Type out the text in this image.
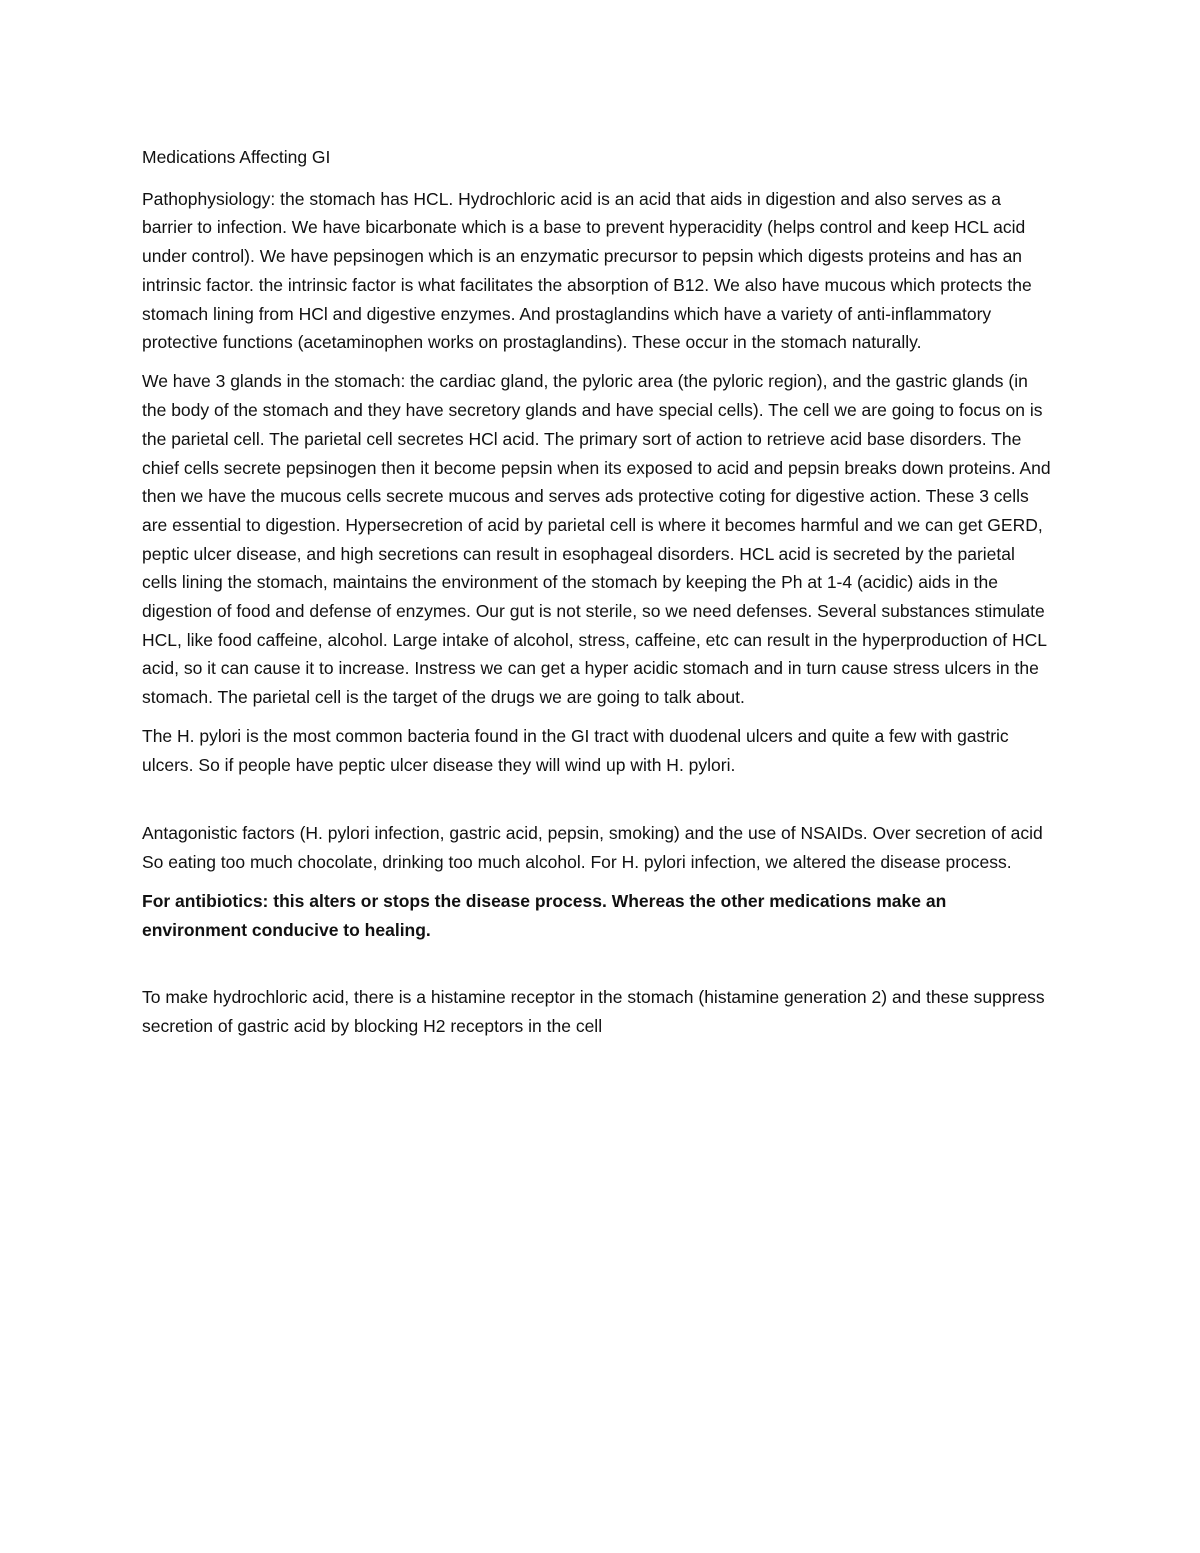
Medications Affecting GI

Pathophysiology: the stomach has HCL. Hydrochloric acid is an acid that aids in digestion and also serves as a barrier to infection. We have bicarbonate which is a base to prevent hyperacidity (helps control and keep HCL acid under control). We have pepsinogen which is an enzymatic precursor to pepsin which digests proteins and has an intrinsic factor. the intrinsic factor is what facilitates the absorption of B12. We also have mucous which protects the stomach lining from HCl and digestive enzymes. And prostaglandins which have a variety of anti-inflammatory protective functions (acetaminophen works on prostaglandins). These occur in the stomach naturally.

We have 3 glands in the stomach: the cardiac gland, the pyloric area (the pyloric region), and the gastric glands (in the body of the stomach and they have secretory glands and have special cells). The cell we are going to focus on is the parietal cell. The parietal cell secretes HCl acid. The primary sort of action to retrieve acid base disorders. The chief cells secrete pepsinogen then it become pepsin when its exposed to acid and pepsin breaks down proteins. And then we have the mucous cells secrete mucous and serves ads protective coting for digestive action. These 3 cells are essential to digestion. Hypersecretion of acid by parietal cell is where it becomes harmful and we can get GERD, peptic ulcer disease, and high secretions can result in esophageal disorders. HCL acid is secreted by the parietal cells lining the stomach, maintains the environment of the stomach by keeping the Ph at 1-4 (acidic) aids in the digestion of food and defense of enzymes. Our gut is not sterile, so we need defenses. Several substances stimulate HCL, like food caffeine, alcohol. Large intake of alcohol, stress, caffeine, etc can result in the hyperproduction of HCL acid, so it can cause it to increase. Instress we can get a hyper acidic stomach and in turn cause stress ulcers in the stomach. The parietal cell is the target of the drugs we are going to talk about.

The H. pylori is the most common bacteria found in the GI tract with duodenal ulcers and quite a few with gastric ulcers. So if people have peptic ulcer disease they will wind up with H. pylori.

Antagonistic factors (H. pylori infection, gastric acid, pepsin, smoking) and the use of NSAIDs. Over secretion of acid So eating too much chocolate, drinking too much alcohol. For H. pylori infection, we altered the disease process.

For antibiotics: this alters or stops the disease process. Whereas the other medications make an environment conducive to healing.

To make hydrochloric acid, there is a histamine receptor in the stomach (histamine generation 2) and these suppress secretion of gastric acid by blocking H2 receptors in the cell
